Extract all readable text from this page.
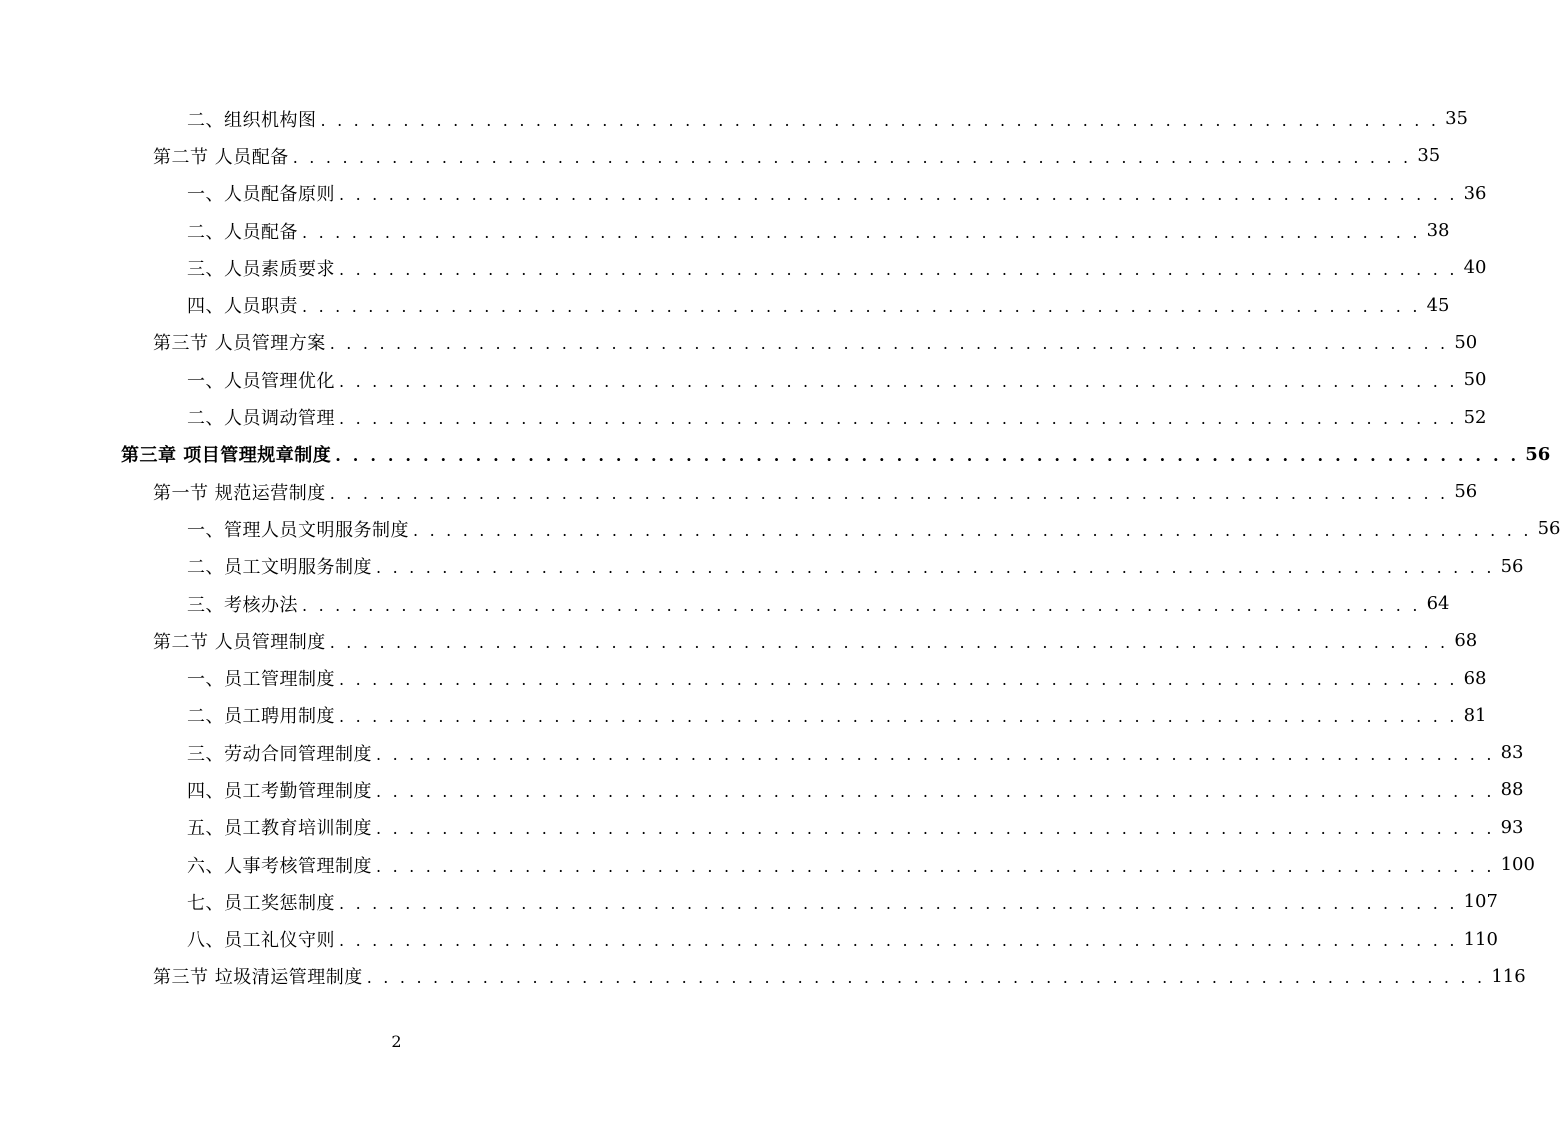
二、组织机构图 . . . . . . . . . . . . . . . . . . . . . . . . . . . . . . . . . . . . . . . . . . . . . . . . . . . . . . . . . . . . . . . . . . . . 35
第二节 人员配备 . . . . . . . . . . . . . . . . . . . . . . . . . . . . . . . . . . . . . . . . . . . . . . . . . . . . . . . . . . . . . . . . . . . . 35
一、人员配备原则 . . . . . . . . . . . . . . . . . . . . . . . . . . . . . . . . . . . . . . . . . . . . . . . . . . . . . . . . . . . . . . . . . . . . 36
二、人员配备 . . . . . . . . . . . . . . . . . . . . . . . . . . . . . . . . . . . . . . . . . . . . . . . . . . . . . . . . . . . . . . . . . . . . 38
三、人员素质要求 . . . . . . . . . . . . . . . . . . . . . . . . . . . . . . . . . . . . . . . . . . . . . . . . . . . . . . . . . . . . . . . . . . . . 40
四、人员职责 . . . . . . . . . . . . . . . . . . . . . . . . . . . . . . . . . . . . . . . . . . . . . . . . . . . . . . . . . . . . . . . . . . . . 45
第三节 人员管理方案 . . . . . . . . . . . . . . . . . . . . . . . . . . . . . . . . . . . . . . . . . . . . . . . . . . . . . . . . . . . . . . . . . . . . 50
一、人员管理优化 . . . . . . . . . . . . . . . . . . . . . . . . . . . . . . . . . . . . . . . . . . . . . . . . . . . . . . . . . . . . . . . . . . . . 50
二、人员调动管理 . . . . . . . . . . . . . . . . . . . . . . . . . . . . . . . . . . . . . . . . . . . . . . . . . . . . . . . . . . . . . . . . . . . . 52
第三章 项目管理规章制度 . . . . . . . . . . . . . . . . . . . . . . . . . . . . . . . . . . . . . . . . . . . . . . . . . . . . . . . . . . . . . . . . . . . . 56
第一节 规范运营制度 . . . . . . . . . . . . . . . . . . . . . . . . . . . . . . . . . . . . . . . . . . . . . . . . . . . . . . . . . . . . . . . . . . . . 56
一、管理人员文明服务制度 . . . . . . . . . . . . . . . . . . . . . . . . . . . . . . . . . . . . . . . . . . . . . . . . . . . . . . . . . . . . . . . . . . . . 56
二、员工文明服务制度 . . . . . . . . . . . . . . . . . . . . . . . . . . . . . . . . . . . . . . . . . . . . . . . . . . . . . . . . . . . . . . . . . . . . 56
三、考核办法 . . . . . . . . . . . . . . . . . . . . . . . . . . . . . . . . . . . . . . . . . . . . . . . . . . . . . . . . . . . . . . . . . . . . 64
第二节 人员管理制度 . . . . . . . . . . . . . . . . . . . . . . . . . . . . . . . . . . . . . . . . . . . . . . . . . . . . . . . . . . . . . . . . . . . . 68
一、员工管理制度 . . . . . . . . . . . . . . . . . . . . . . . . . . . . . . . . . . . . . . . . . . . . . . . . . . . . . . . . . . . . . . . . . . . . 68
二、员工聘用制度 . . . . . . . . . . . . . . . . . . . . . . . . . . . . . . . . . . . . . . . . . . . . . . . . . . . . . . . . . . . . . . . . . . . . 81
三、劳动合同管理制度 . . . . . . . . . . . . . . . . . . . . . . . . . . . . . . . . . . . . . . . . . . . . . . . . . . . . . . . . . . . . . . . . . . . . 83
四、员工考勤管理制度 . . . . . . . . . . . . . . . . . . . . . . . . . . . . . . . . . . . . . . . . . . . . . . . . . . . . . . . . . . . . . . . . . . . . 88
五、员工教育培训制度 . . . . . . . . . . . . . . . . . . . . . . . . . . . . . . . . . . . . . . . . . . . . . . . . . . . . . . . . . . . . . . . . . . . . 93
六、人事考核管理制度 . . . . . . . . . . . . . . . . . . . . . . . . . . . . . . . . . . . . . . . . . . . . . . . . . . . . . . . . . . . . . . . . . . . . 100
七、员工奖惩制度 . . . . . . . . . . . . . . . . . . . . . . . . . . . . . . . . . . . . . . . . . . . . . . . . . . . . . . . . . . . . . . . . . . . . 107
八、员工礼仪守则 . . . . . . . . . . . . . . . . . . . . . . . . . . . . . . . . . . . . . . . . . . . . . . . . . . . . . . . . . . . . . . . . . . . . 110
第三节 垃圾清运管理制度 . . . . . . . . . . . . . . . . . . . . . . . . . . . . . . . . . . . . . . . . . . . . . . . . . . . . . . . . . . . . . . . . . . . . 116
2
